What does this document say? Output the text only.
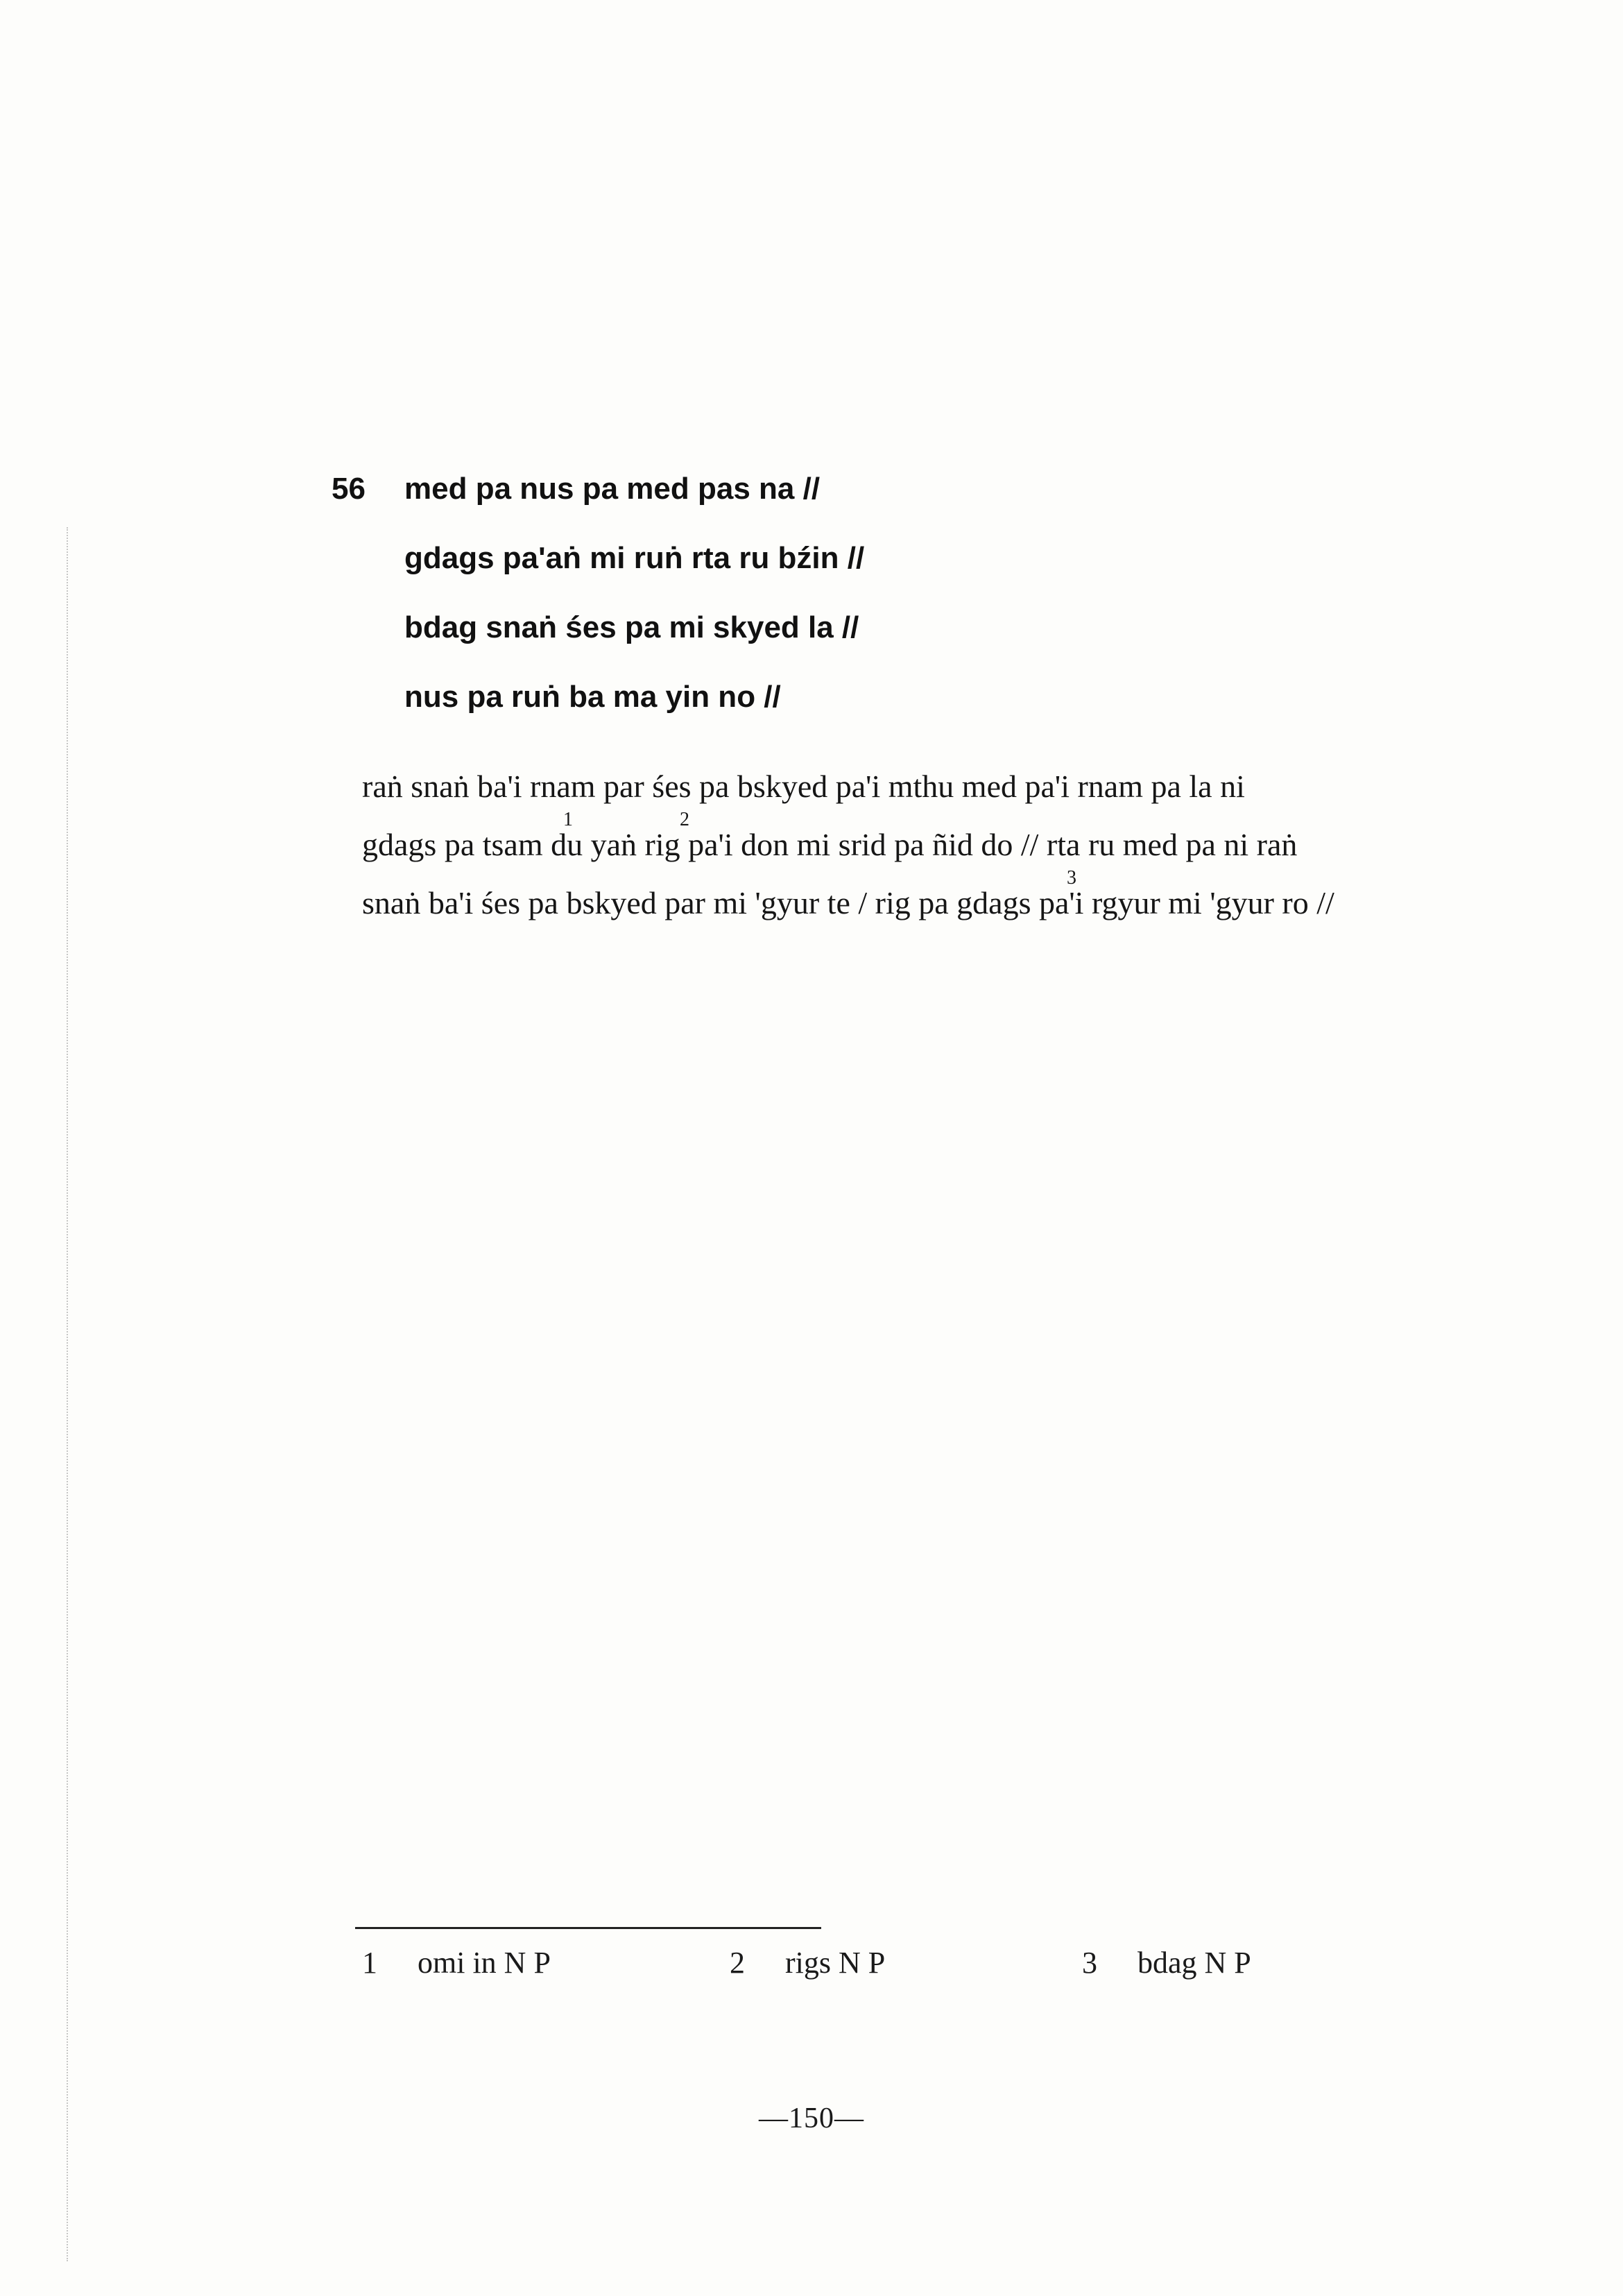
56 med pa nus pa med pas na //
gdags pa'aṅ mi ruṅ rta ru bźin //
bdag snaṅ śes pa mi skyed la //
nus pa ruṅ ba ma yin no //
raṅ snaṅ ba'i rnam par śes pa bskyed pa'i mthu med pa'i rnam pa la ni
gdags pa tsam du yaṅ rig pa'i don mi srid pa ñid do // rta ru med pa ni raṅ
1	2
snaṅ ba'i śes pa bskyed par mi 'gyur te / rig pa gdags pa'i rgyur mi 'gyur ro //
3
1 omi in N P	2 rigs N P	3 bdag N P
—150—
